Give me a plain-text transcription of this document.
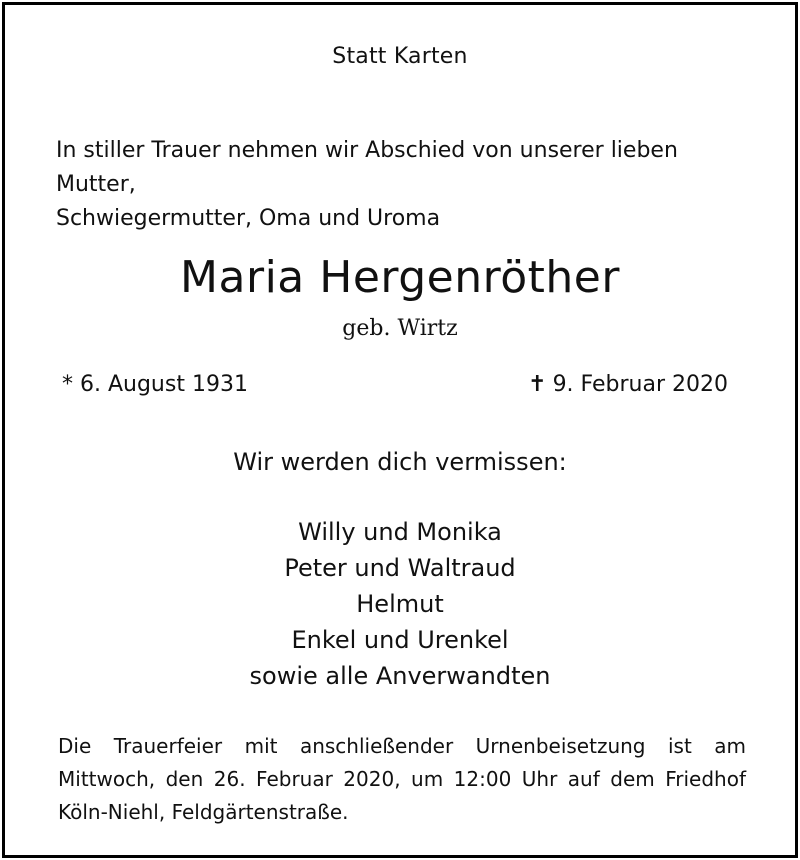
Statt Karten
In stiller Trauer nehmen wir Abschied von unserer lieben Mutter,
Schwiegermutter, Oma und Uroma
Maria Hergenröther
geb. Wirtz
* 6. August 1931	✝ 9. Februar 2020
Wir werden dich vermissen:
Willy und Monika
Peter und Waltraud
Helmut
Enkel und Urenkel
sowie alle Anverwandten
Die Trauerfeier mit anschließender Urnenbeisetzung ist am
Mittwoch, den 26. Februar 2020, um 12:00 Uhr auf dem Friedhof
Köln-Niehl, Feldgärtenstraße.
